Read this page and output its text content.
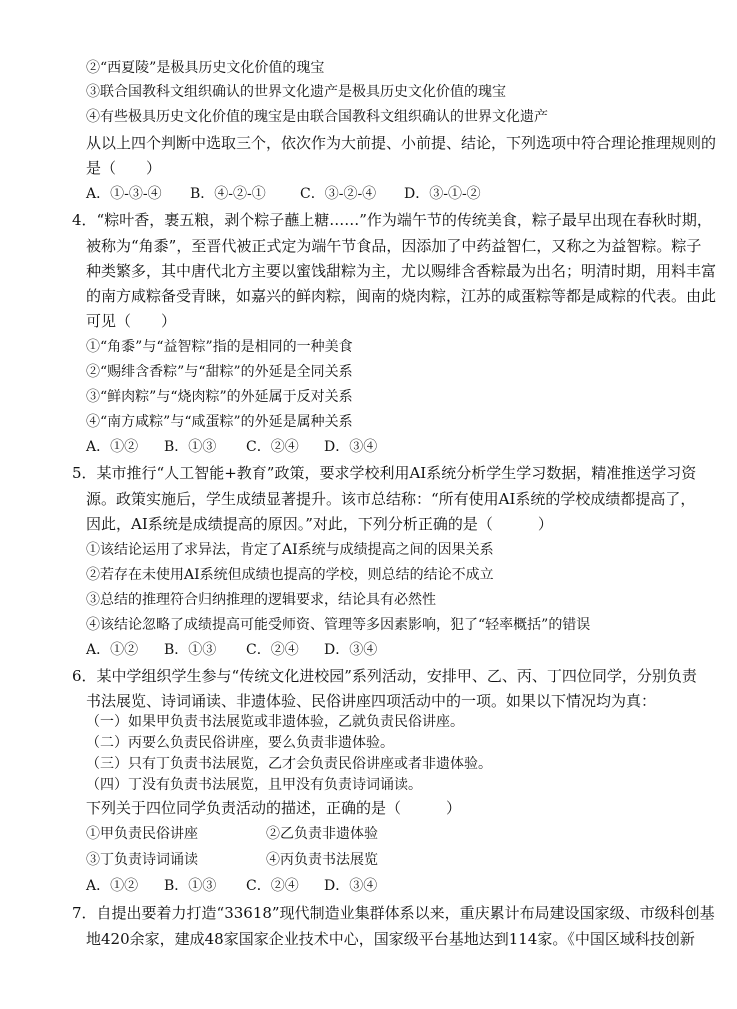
②“西夏陵”是极具历史文化价值的瑰宝
③联合国教科文组织确认的世界文化遗产是极具历史文化价值的瑰宝
④有些极具历史文化价值的瑰宝是由联合国教科文组织确认的世界文化遗产
从以上四个判断中选取三个，依次作为大前提、小前提、结论，下列选项中符合理论推理规则的
是（　　）
A．①-③-④ B．④-②-① C．③-②-④ D．③-①-②
4．“粽叶香，裹五粮，剥个粽子蘸上糖……”作为端午节的传统美食，粽子最早出现在春秋时期，
被称为“角黍”，至晋代被正式定为端午节食品，因添加了中药益智仁，又称之为益智粽。粽子
种类繁多，其中唐代北方主要以蜜饯甜粽为主，尤以赐绯含香粽最为出名；明清时期，用料丰富
的南方咸粽备受青睐，如嘉兴的鲜肉粽，闽南的烧肉粽，江苏的咸蛋粽等都是咸粽的代表。由此
可见（　　）
①“角黍”与“益智粽”指的是相同的一种美食
②“赐绯含香粽”与“甜粽”的外延是全同关系
③“鲜肉粽”与“烧肉粽”的外延属于反对关系
④“南方咸粽”与“咸蛋粽”的外延是属种关系
A．①② B．①③ C．②④ D．③④
5．某市推行“人工智能+教育”政策，要求学校利用AI系统分析学生学习数据，精准推送学习资
源。政策实施后，学生成绩显著提升。该市总结称：“所有使用AI系统的学校成绩都提高了，
因此，AI系统是成绩提高的原因。”对此，下列分析正确的是（　　　）
①该结论运用了求异法，肯定了AI系统与成绩提高之间的因果关系
②若存在未使用AI系统但成绩也提高的学校，则总结的结论不成立
③总结的推理符合归纳推理的逻辑要求，结论具有必然性
④该结论忽略了成绩提高可能受师资、管理等多因素影响，犯了“轻率概括”的错误
A．①② B．①③ C．②④ D．③④
6．某中学组织学生参与“传统文化进校园”系列活动，安排甲、乙、丙、丁四位同学，分别负责
书法展览、诗词诵读、非遗体验、民俗讲座四项活动中的一项。如果以下情况均为真：
（一）如果甲负责书法展览或非遗体验，乙就负责民俗讲座。
（二）丙要么负责民俗讲座，要么负责非遗体验。
（三）只有丁负责书法展览，乙才会负责民俗讲座或者非遗体验。
（四）丁没有负责书法展览，且甲没有负责诗词诵读。
下列关于四位同学负责活动的描述，正确的是（　　　）
①甲负责民俗讲座	②乙负责非遗体验
③丁负责诗词诵读	④丙负责书法展览
A．①② B．①③ C．②④ D．③④
7．自提出要着力打造“33618”现代制造业集群体系以来，重庆累计布局建设国家级、市级科创基
地420余家，建成48家国家企业技术中心，国家级平台基地达到114家。《中国区域科技创新
